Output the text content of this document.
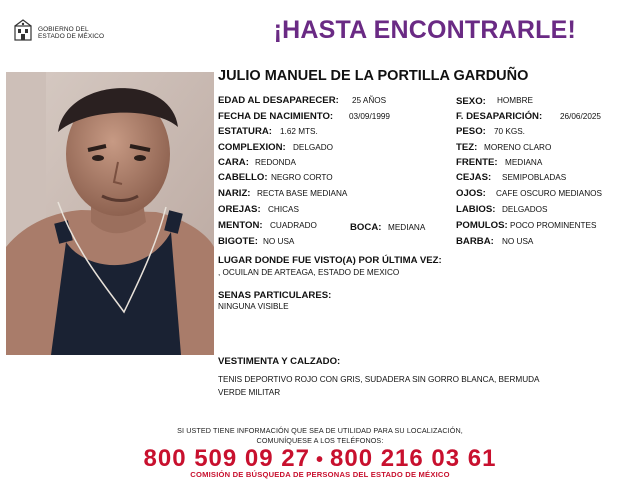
GOBIERNO DEL
ESTADO DE MÉXICO	¡HASTA ENCONTRARLE!
JULIO MANUEL DE LA PORTILLA GARDUÑO
EDAD AL DESAPARECER: 25 AÑOS
FECHA DE NACIMIENTO: 03/09/1999
ESTATURA: 1.62 MTS.
COMPLEXION: DELGADO
CARA: REDONDA
CABELLO: NEGRO CORTO
NARIZ: RECTA BASE MEDIANA
OREJAS: CHICAS
MENTON: CUADRADO	BOCA: MEDIANA
BIGOTE: NO USA
SEXO: HOMBRE
F. DESAPARICIÓN: 26/06/2025
PESO: 70 KGS.
TEZ: MORENO CLARO
FRENTE: MEDIANA
CEJAS: SEMIPOBLADAS
OJOS: CAFE OSCURO MEDIANOS
LABIOS: DELGADOS
POMULOS: POCO PROMINENTES
BARBA: NO USA
LUGAR DONDE FUE VISTO(A) POR ÚLTIMA VEZ:
, OCUILAN DE ARTEAGA, ESTADO DE MEXICO
SENAS PARTICULARES:
NINGUNA VISIBLE
VESTIMENTA Y CALZADO:
TENIS DEPORTIVO ROJO CON GRIS, SUDADERA SIN GORRO BLANCA, BERMUDA
VERDE MILITAR
SI USTED TIENE INFORMACIÓN QUE SEA DE UTILIDAD PARA SU LOCALIZACIÓN,
COMUNÍQUESE A LOS TELÉFONOS:
800 509 09 27 • 800 216 03 61
COMISIÓN DE BÚSQUEDA DE PERSONAS DEL ESTADO DE MÉXICO
